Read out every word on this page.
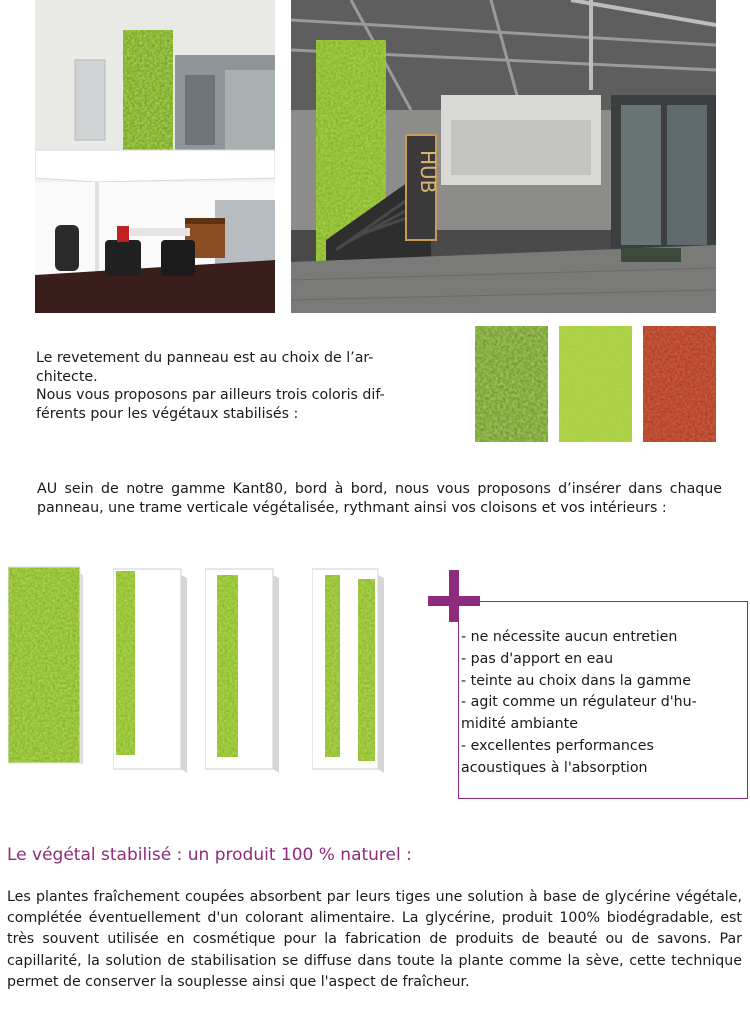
HUB
Le revetement du panneau est au choix de l’ar-
chitecte.
Nous vous proposons par ailleurs trois coloris dif-
férents pour les végétaux stabilisés :
AU sein de notre gamme Kant80, bord à bord, nous vous proposons d’insérer dans chaque panneau, une trame verticale végétalisée, rythmant ainsi vos cloisons et vos intérieurs :
- ne nécessite aucun entretien
- pas d'apport en eau
- teinte au choix dans la gamme
- agit comme un régulateur d'hu-
midité ambiante
- excellentes performances
acoustiques à l'absorption
Le végétal stabilisé : un produit 100 % naturel :
Les plantes fraîchement coupées absorbent par leurs tiges une solution à base de glycérine végétale, complétée éventuellement d'un colorant alimentaire. La glycérine, produit 100% biodégradable, est très souvent utilisée en cosmétique pour la fabrication de produits de beauté ou de savons. Par capillarité, la solution de stabilisation se diffuse dans toute la plante comme la sève, cette technique permet de conserver la souplesse ainsi que l'aspect de fraîcheur.
